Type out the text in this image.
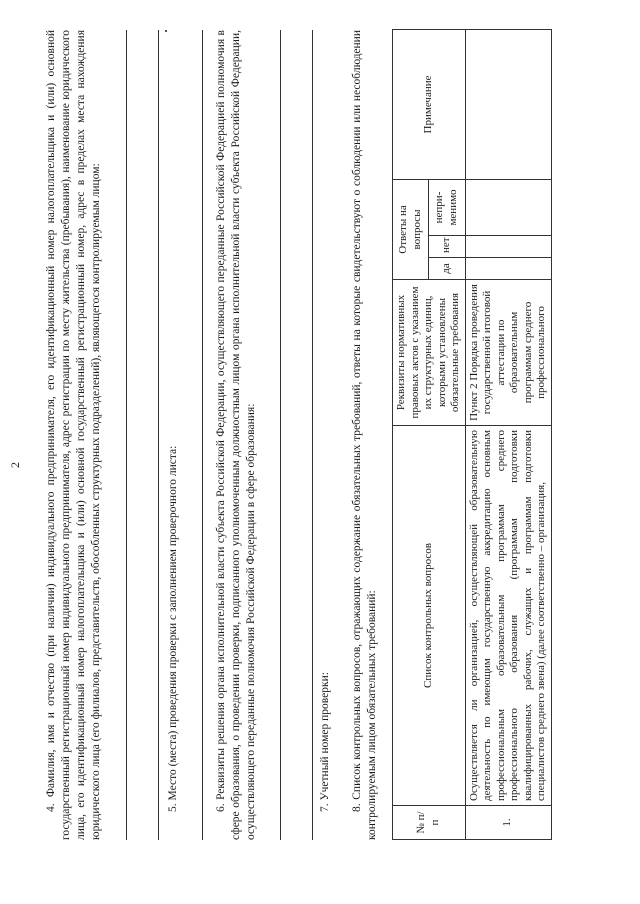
2 4. Фамилия, имя и отчество (при наличии) индивидуального предпринимателя, его идентификационный номер налогоплательщика и (или) основной государственный регистрационный номер индивидуального предпринимателя, адрес регистрации по месту жительства (пребывания), наименование юридического лица, его идентификационный номер налогоплательщика и (или) основной государственный регистрационный номер, адрес в пределах места нахождения юридического лица (его филиалов, представительств, обособленных структурных подразделений), являющегося контролируемым лицом:	5. Место (места) проведения проверки с заполнением проверочного листа:	6. Реквизиты решения органа исполнительной власти субъекта Российской Федерации, осуществляющего переданные Российской Федерацией полномочия в сфере образования, о проведении проверки, подписанного уполномоченным должностным лицом органа исполнительной власти субъекта Российской Федерации, осуществляющего переданные полномочия Российской Федерации в сфере образования:	7. Учетный номер проверки: 8. Список контрольных вопросов, отражающих содержание обязательных требований, ответы на которые свидетельствуют о соблюдении или несоблюдении контролируемым лицом обязательных требований:	№ п/п	Список контрольных вопросов	Реквизиты нормативных правовых актов с указанием их структурных единиц, которыми установлены обязательные требования	Ответы на вопросы			Примечание
			да	нет	непри-менимо	
1.	Осуществляется ли организацией, осуществляющей образовательную деятельность по имеющим государственную аккредитацию основным профессиональным образовательным программам среднего профессионального образования (программам подготовки квалифицированных рабочих, служащих и программам подготовки специалистов среднего звена) (далее соответственно – организация,	Пункт 2 Порядка проведения государственной итоговой аттестации по образовательным программам среднего профессионального				
